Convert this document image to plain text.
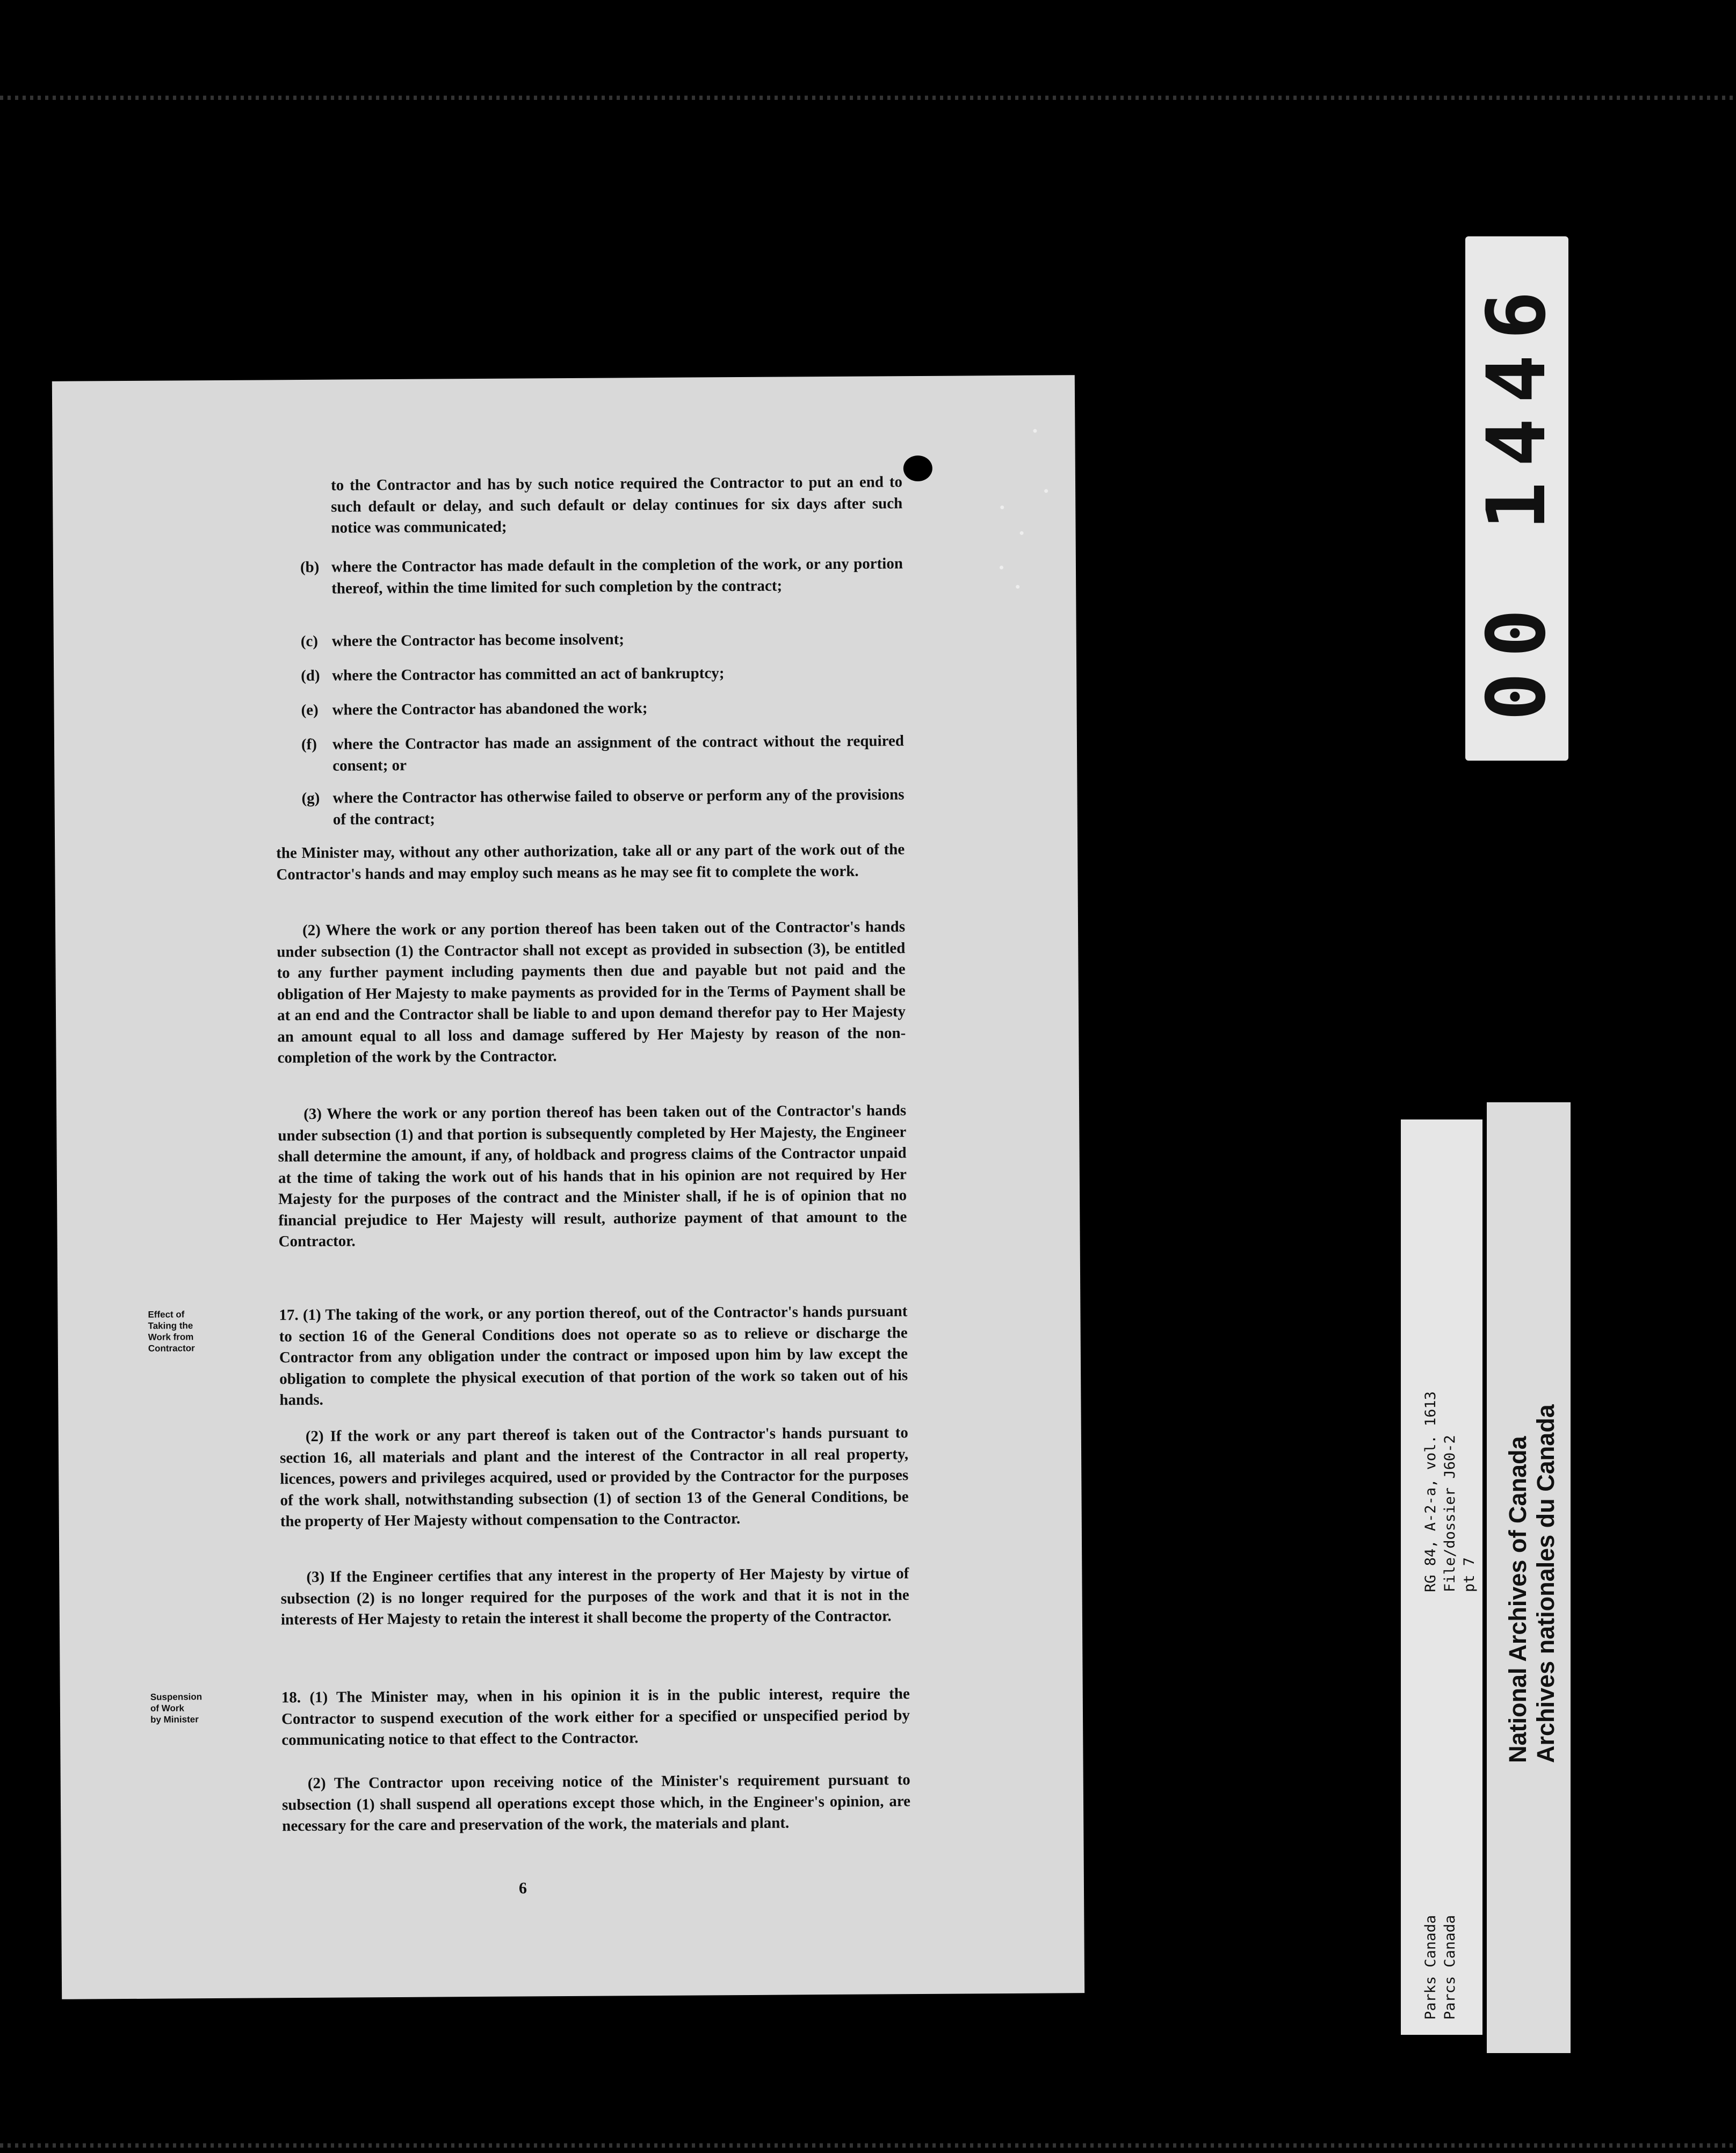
to the Contractor and has by such notice required the Contractor to put an end to such default or delay, and such default or delay continues for six days after such notice was communicated;
(b) where the Contractor has made default in the completion of the work, or any portion thereof, within the time limited for such completion by the contract;
(c) where the Contractor has become insolvent;
(d) where the Contractor has committed an act of bankruptcy;
(e) where the Contractor has abandoned the work;
(f) where the Contractor has made an assignment of the contract without the required consent; or
(g) where the Contractor has otherwise failed to observe or perform any of the provisions of the contract;
the Minister may, without any other authorization, take all or any part of the work out of the Contractor's hands and may employ such means as he may see fit to complete the work.
(2) Where the work or any portion thereof has been taken out of the Contractor's hands under subsection (1) the Contractor shall not except as provided in subsection (3), be entitled to any further payment including payments then due and payable but not paid and the obligation of Her Majesty to make payments as provided for in the Terms of Payment shall be at an end and the Contractor shall be liable to and upon demand therefor pay to Her Majesty an amount equal to all loss and damage suffered by Her Majesty by reason of the non-completion of the work by the Contractor.
(3) Where the work or any portion thereof has been taken out of the Contractor's hands under subsection (1) and that portion is subsequently completed by Her Majesty, the Engineer shall determine the amount, if any, of holdback and progress claims of the Contractor unpaid at the time of taking the work out of his hands that in his opinion are not required by Her Majesty for the purposes of the contract and the Minister shall, if he is of opinion that no financial prejudice to Her Majesty will result, authorize payment of that amount to the Contractor.
Effect of
Taking the
Work from
Contractor
17. (1) The taking of the work, or any portion thereof, out of the Contractor's hands pursuant to section 16 of the General Conditions does not operate so as to relieve or discharge the Contractor from any obligation under the contract or imposed upon him by law except the obligation to complete the physical execution of that portion of the work so taken out of his hands.
(2) If the work or any part thereof is taken out of the Contractor's hands pursuant to section 16, all materials and plant and the interest of the Contractor in all real property, licences, powers and privileges acquired, used or provided by the Contractor for the purposes of the work shall, notwithstanding subsection (1) of section 13 of the General Conditions, be the property of Her Majesty without compensation to the Contractor.
(3) If the Engineer certifies that any interest in the property of Her Majesty by virtue of subsection (2) is no longer required for the purposes of the work and that it is not in the interests of Her Majesty to retain the interest it shall become the property of the Contractor.
Suspension
of Work
by Minister
18. (1) The Minister may, when in his opinion it is in the public interest, require the Contractor to suspend execution of the work either for a specified or unspecified period by communicating notice to that effect to the Contractor.
(2) The Contractor upon receiving notice of the Minister's requirement pursuant to subsection (1) shall suspend all operations except those which, in the Engineer's opinion, are necessary for the care and preservation of the work, the materials and plant.
6
00 1446
RG 84, A-2-a, vol. 1613 File/dossier J60-2 pt 7
Parks Canada Parcs Canada
National Archives of Canada Archives nationales du Canada
